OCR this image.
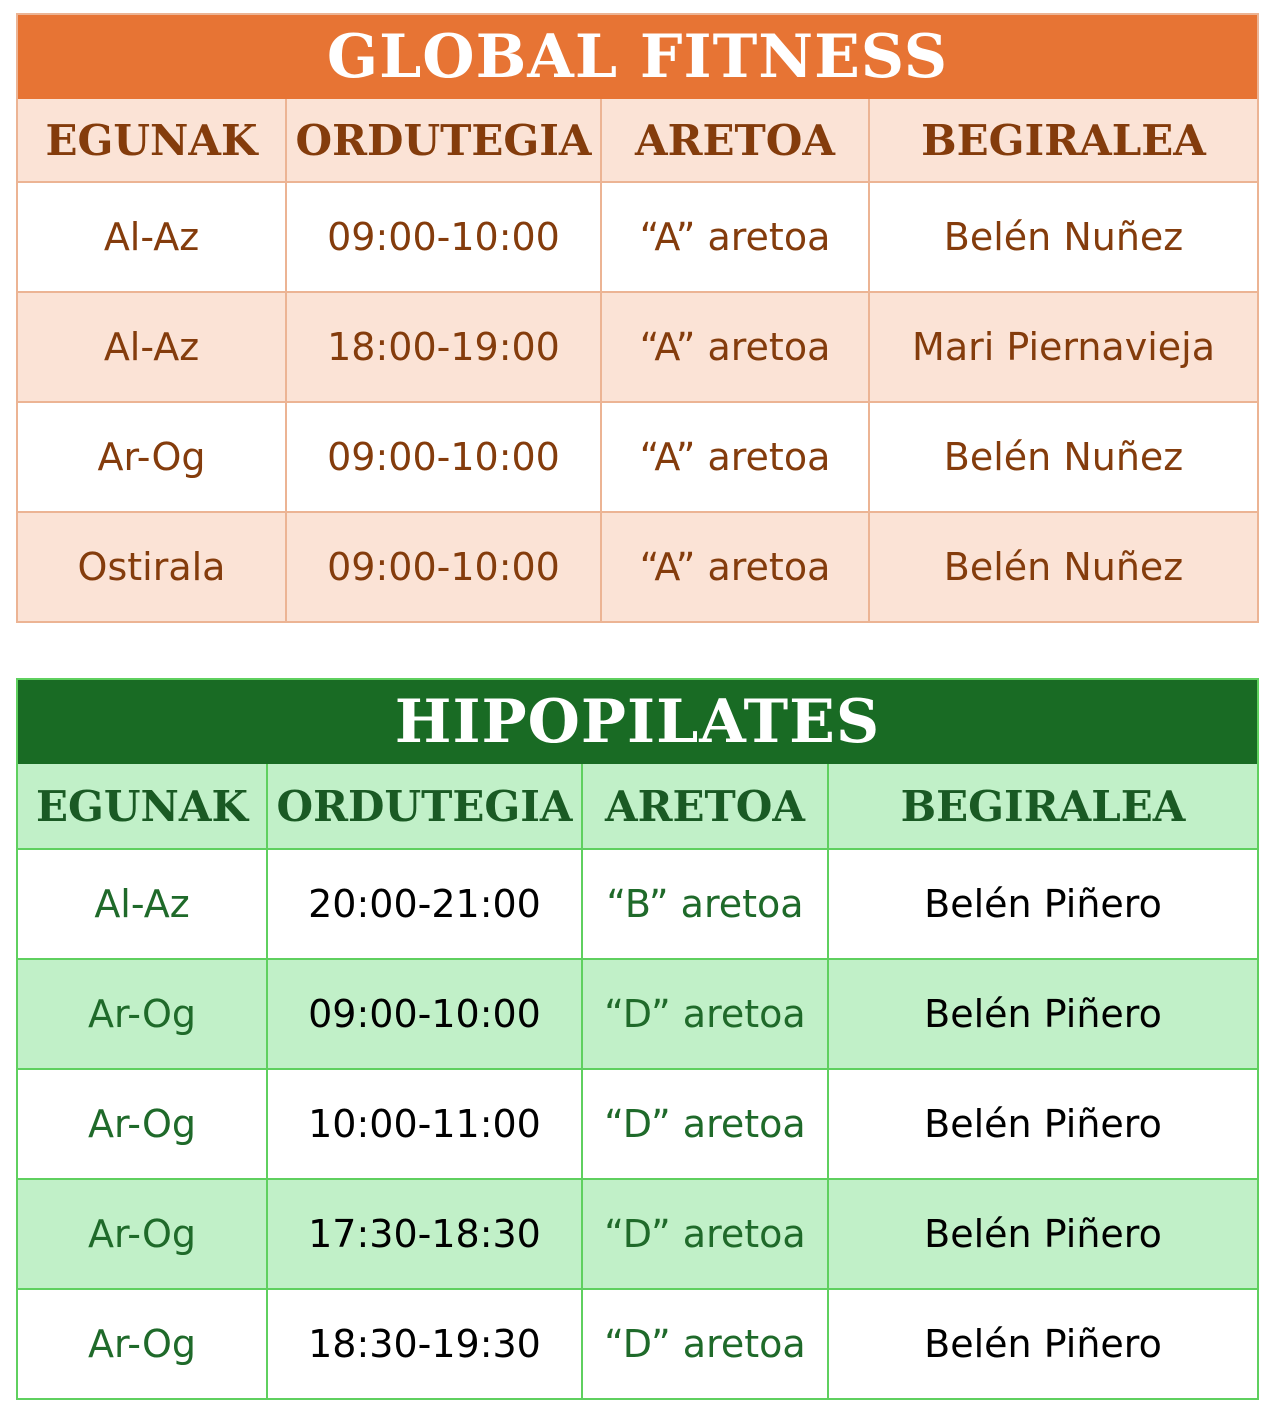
GLOBAL FITNESS			
EGUNAK	ORDUTEGIA	ARETOA	BEGIRALEA
Al-Az	09:00-10:00	“A” aretoa	Belén Nuñez
Al-Az	18:00-19:00	“A” aretoa	Mari Piernavieja
Ar-Og	09:00-10:00	“A” aretoa	Belén Nuñez
Ostirala	09:00-10:00	“A” aretoa	Belén Nuñez
HIPOPILATES			
EGUNAK	ORDUTEGIA	ARETOA	BEGIRALEA
Al-Az	20:00-21:00	“B” aretoa	Belén Piñero
Ar-Og	09:00-10:00	“D” aretoa	Belén Piñero
Ar-Og	10:00-11:00	“D” aretoa	Belén Piñero
Ar-Og	17:30-18:30	“D” aretoa	Belén Piñero
Ar-Og	18:30-19:30	“D” aretoa	Belén Piñero
